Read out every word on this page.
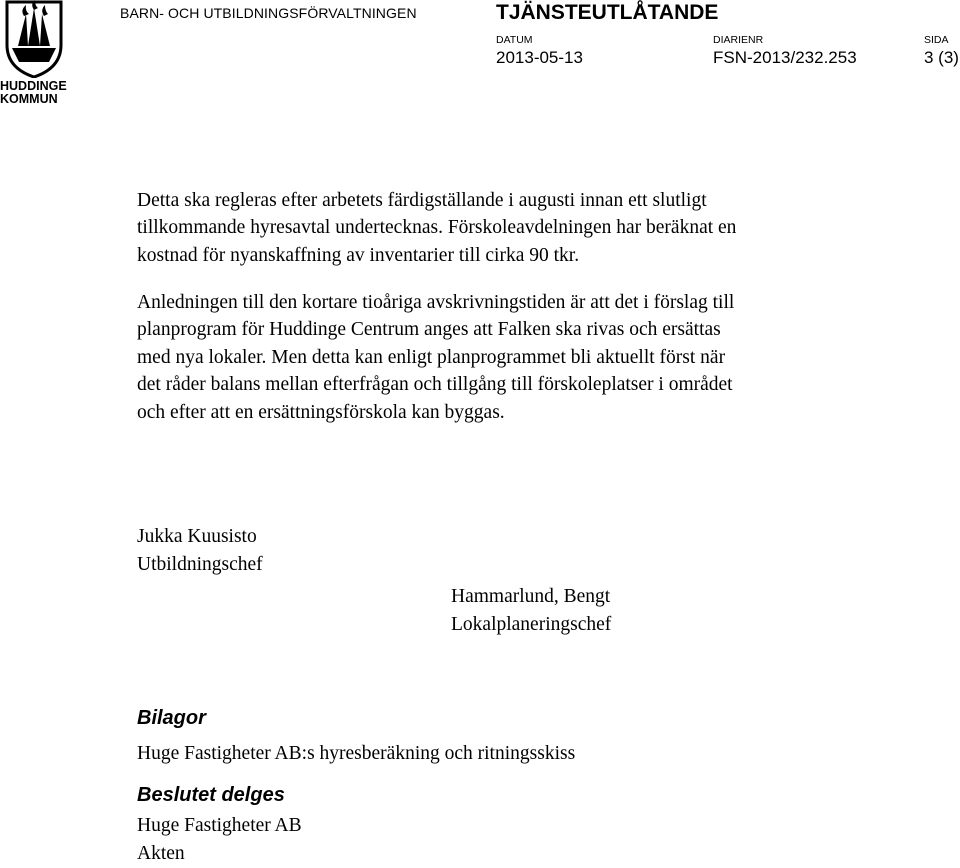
HUDDINGE
KOMMUN
BARN- OCH UTBILDNINGSFÖRVALTNINGEN	TJÄNSTEUTLÅTANDE
DATUM	DIARIENR	SIDA
2013-05-13	FSN-2013/232.253	3 (3)

Detta ska regleras efter arbetets färdigställande i augusti innan ett slutligt
tillkommande hyresavtal undertecknas. Förskoleavdelningen har beräknat en
kostnad för nyanskaffning av inventarier till cirka 90 tkr.

Anledningen till den kortare tioåriga avskrivningstiden är att det i förslag till
planprogram för Huddinge Centrum anges att Falken ska rivas och ersättas
med nya lokaler. Men detta kan enligt planprogrammet bli aktuellt först när
det råder balans mellan efterfrågan och tillgång till förskoleplatser i området
och efter att en ersättningsförskola kan byggas.

Jukka Kuusisto
Utbildningschef
Hammarlund, Bengt
Lokalplaneringschef
Bilagor
Huge Fastigheter AB:s hyresberäkning och ritningsskiss
Beslutet delges
Huge Fastigheter AB
Akten
